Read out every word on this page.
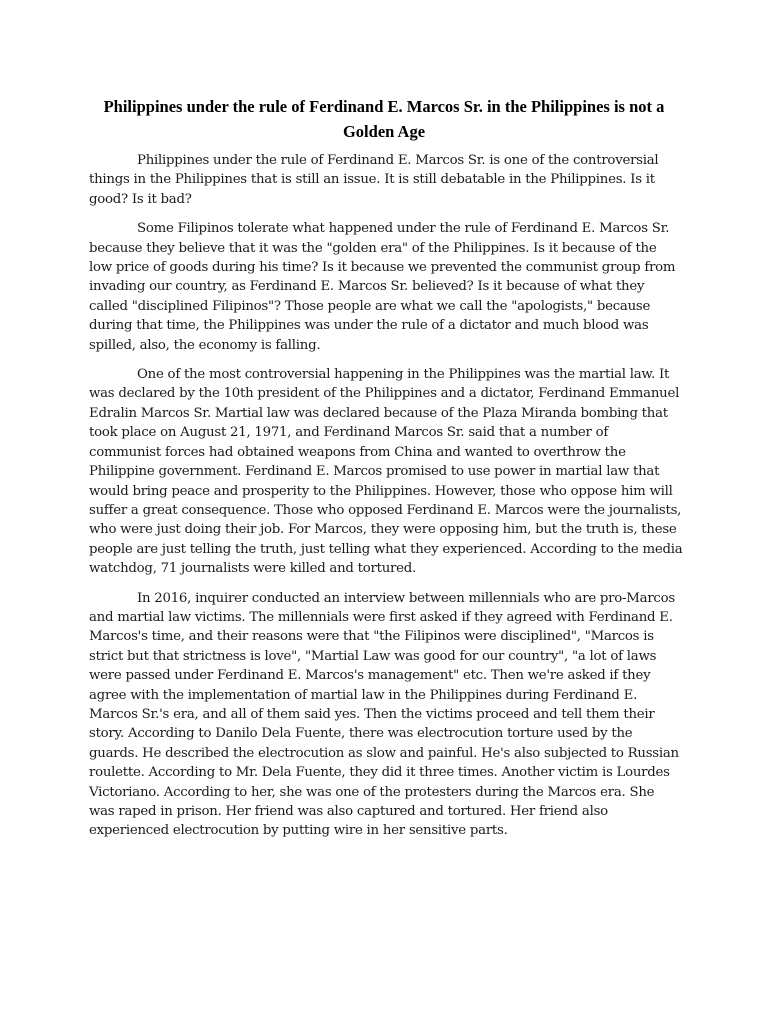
Philippines under the rule of Ferdinand E. Marcos Sr. in the Philippines is not a Golden Age

Philippines under the rule of Ferdinand E. Marcos Sr. is one of the controversial things in the Philippines that is still an issue. It is still debatable in the Philippines. Is it good? Is it bad?

Some Filipinos tolerate what happened under the rule of Ferdinand E. Marcos Sr. because they believe that it was the "golden era" of the Philippines. Is it because of the low price of goods during his time? Is it because we prevented the communist group from invading our country, as Ferdinand E. Marcos Sr. believed? Is it because of what they called "disciplined Filipinos"? Those people are what we call the "apologists," because during that time, the Philippines was under the rule of a dictator and much blood was spilled, also, the economy is falling.

One of the most controversial happening in the Philippines was the martial law. It was declared by the 10th president of the Philippines and a dictator, Ferdinand Emmanuel Edralin Marcos Sr. Martial law was declared because of the Plaza Miranda bombing that took place on August 21, 1971, and Ferdinand Marcos Sr. said that a number of communist forces had obtained weapons from China and wanted to overthrow the Philippine government. Ferdinand E. Marcos promised to use power in martial law that would bring peace and prosperity to the Philippines. However, those who oppose him will suffer a great consequence. Those who opposed Ferdinand E. Marcos were the journalists, who were just doing their job. For Marcos, they were opposing him, but the truth is, these people are just telling the truth, just telling what they experienced. According to the media watchdog, 71 journalists were killed and tortured.

In 2016, inquirer conducted an interview between millennials who are pro-Marcos and martial law victims. The millennials were first asked if they agreed with Ferdinand E. Marcos's time, and their reasons were that "the Filipinos were disciplined", "Marcos is strict but that strictness is love", "Martial Law was good for our country", "a lot of laws were passed under Ferdinand E. Marcos's management" etc. Then we're asked if they agree with the implementation of martial law in the Philippines during Ferdinand E. Marcos Sr.'s era, and all of them said yes. Then the victims proceed and tell them their story. According to Danilo Dela Fuente, there was electrocution torture used by the guards. He described the electrocution as slow and painful. He's also subjected to Russian roulette. According to Mr. Dela Fuente, they did it three times. Another victim is Lourdes Victoriano. According to her, she was one of the protesters during the Marcos era. She was raped in prison. Her friend was also captured and tortured. Her friend also experienced electrocution by putting wire in her sensitive parts.
